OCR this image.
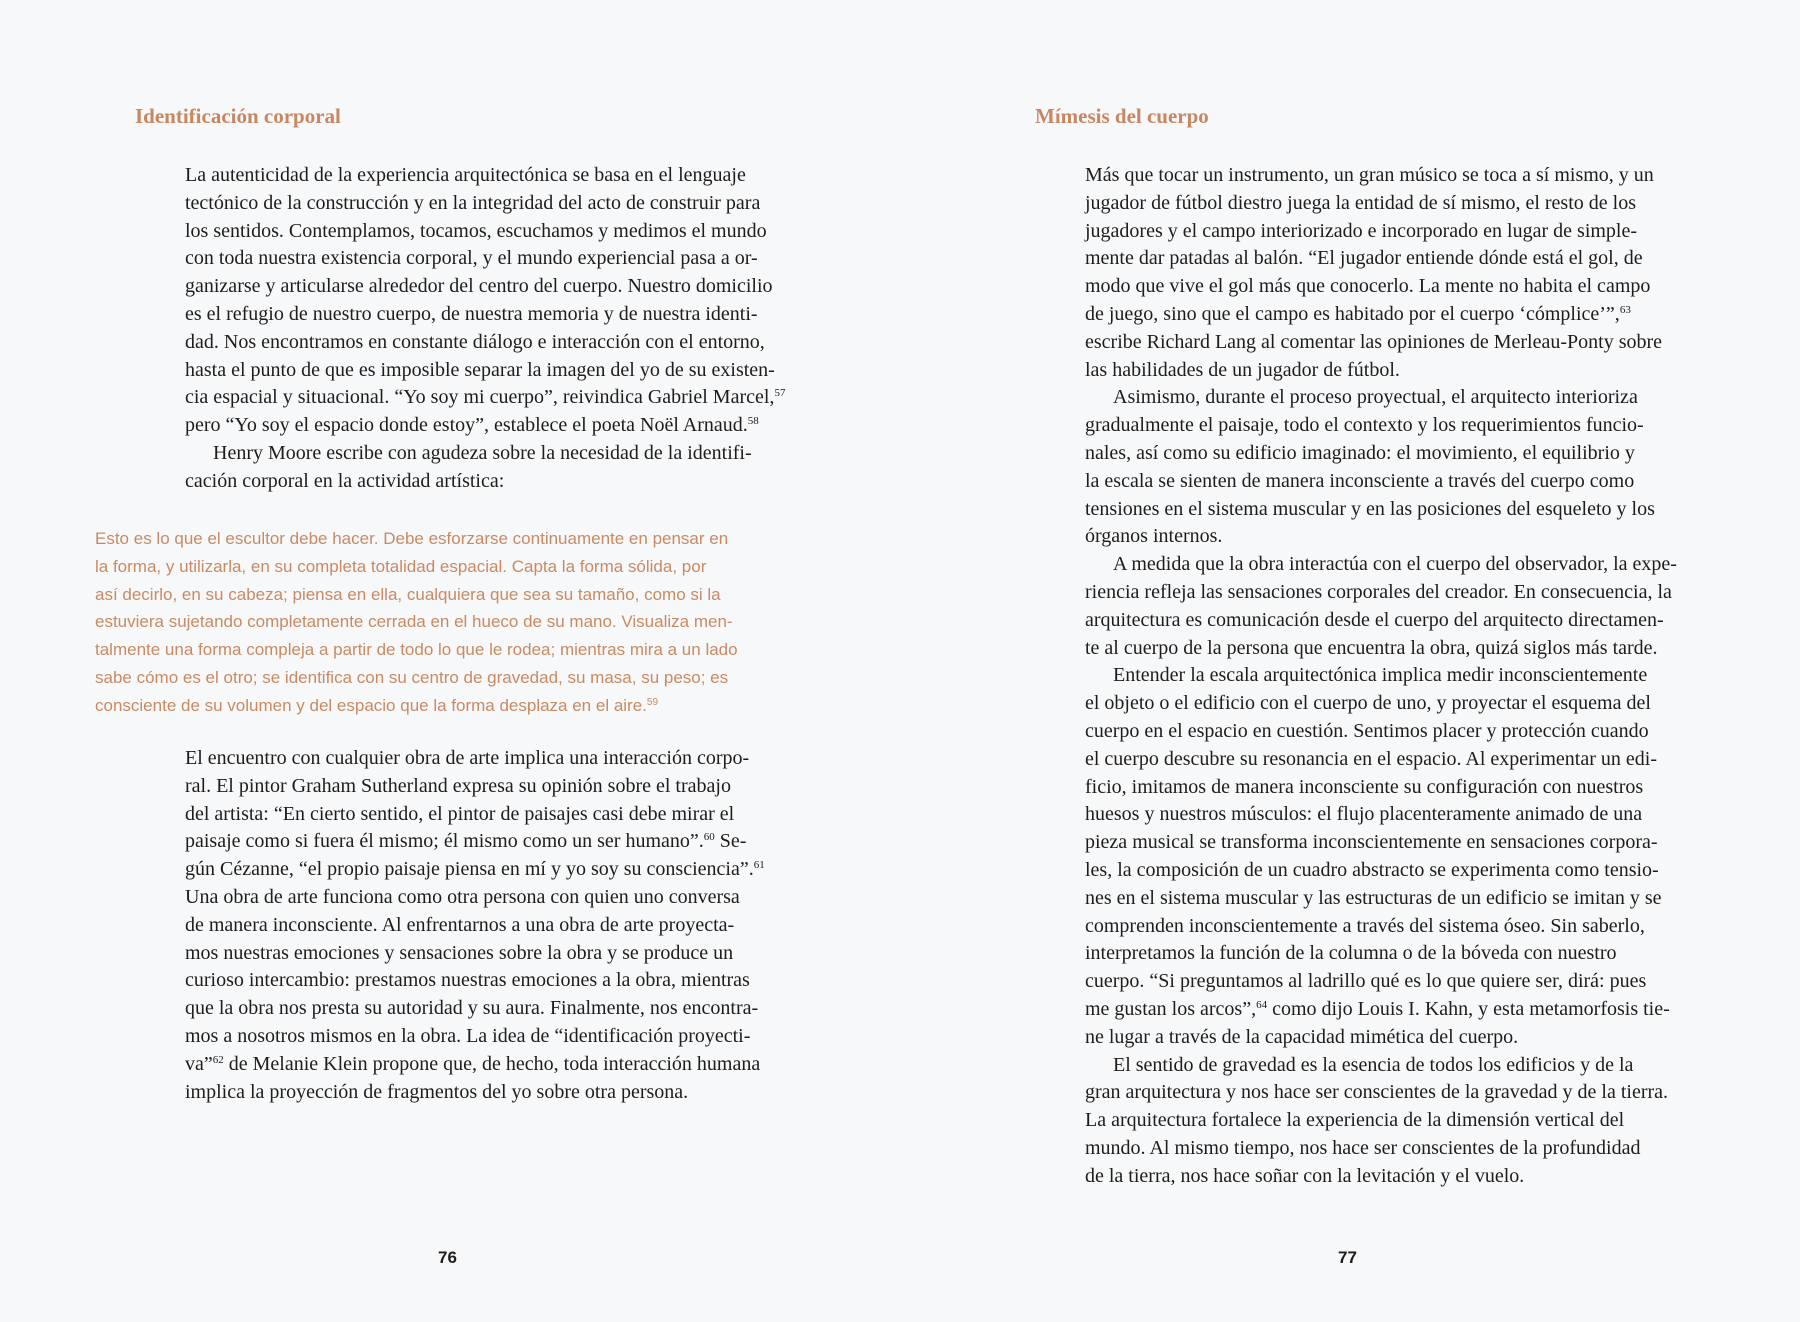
Identificación corporal

La autenticidad de la experiencia arquitectónica se basa en el lenguaje
tectónico de la construcción y en la integridad del acto de construir para
los sentidos. Contemplamos, tocamos, escuchamos y medimos el mundo
con toda nuestra existencia corporal, y el mundo experiencial pasa a or-
ganizarse y articularse alrededor del centro del cuerpo. Nuestro domicilio
es el refugio de nuestro cuerpo, de nuestra memoria y de nuestra identi-
dad. Nos encontramos en constante diálogo e interacción con el entorno,
hasta el punto de que es imposible separar la imagen del yo de su existen-
cia espacial y situacional. “Yo soy mi cuerpo”, reivindica Gabriel Marcel,$^{57}$
pero “Yo soy el espacio donde estoy”, establece el poeta Noël Arnaud.$^{58}$

Henry Moore escribe con agudeza sobre la necesidad de la identifi-
cación corporal en la actividad artística:

Esto es lo que el escultor debe hacer. Debe esforzarse continuamente en pensar en
la forma, y utilizarla, en su completa totalidad espacial. Capta la forma sólida, por
así decirlo, en su cabeza; piensa en ella, cualquiera que sea su tamaño, como si la
estuviera sujetando completamente cerrada en el hueco de su mano. Visualiza men-
talmente una forma compleja a partir de todo lo que le rodea; mientras mira a un lado
sabe cómo es el otro; se identifica con su centro de gravedad, su masa, su peso; es
consciente de su volumen y del espacio que la forma desplaza en el aire.$^{59}$

El encuentro con cualquier obra de arte implica una interacción corpo-
ral. El pintor Graham Sutherland expresa su opinión sobre el trabajo
del artista: “En cierto sentido, el pintor de paisajes casi debe mirar el
paisaje como si fuera él mismo; él mismo como un ser humano”.$^{60}$ Se-
gún Cézanne, “el propio paisaje piensa en mí y yo soy su consciencia”.$^{61}$
Una obra de arte funciona como otra persona con quien uno conversa
de manera inconsciente. Al enfrentarnos a una obra de arte proyecta-
mos nuestras emociones y sensaciones sobre la obra y se produce un
curioso intercambio: prestamos nuestras emociones a la obra, mientras
que la obra nos presta su autoridad y su aura. Finalmente, nos encontra-
mos a nosotros mismos en la obra. La idea de “identificación proyecti-
va”$^{62}$ de Melanie Klein propone que, de hecho, toda interacción humana
implica la proyección de fragmentos del yo sobre otra persona.

76
Mímesis del cuerpo

Más que tocar un instrumento, un gran músico se toca a sí mismo, y un
jugador de fútbol diestro juega la entidad de sí mismo, el resto de los
jugadores y el campo interiorizado e incorporado en lugar de simple-
mente dar patadas al balón. “El jugador entiende dónde está el gol, de
modo que vive el gol más que conocerlo. La mente no habita el campo
de juego, sino que el campo es habitado por el cuerpo ‘cómplice’”,$^{63}$
escribe Richard Lang al comentar las opiniones de Merleau-Ponty sobre
las habilidades de un jugador de fútbol.

Asimismo, durante el proceso proyectual, el arquitecto interioriza
gradualmente el paisaje, todo el contexto y los requerimientos funcio-
nales, así como su edificio imaginado: el movimiento, el equilibrio y
la escala se sienten de manera inconsciente a través del cuerpo como
tensiones en el sistema muscular y en las posiciones del esqueleto y los
órganos internos.

A medida que la obra interactúa con el cuerpo del observador, la expe-
riencia refleja las sensaciones corporales del creador. En consecuencia, la
arquitectura es comunicación desde el cuerpo del arquitecto directamen-
te al cuerpo de la persona que encuentra la obra, quizá siglos más tarde.

Entender la escala arquitectónica implica medir inconscientemente
el objeto o el edificio con el cuerpo de uno, y proyectar el esquema del
cuerpo en el espacio en cuestión. Sentimos placer y protección cuando
el cuerpo descubre su resonancia en el espacio. Al experimentar un edi-
ficio, imitamos de manera inconsciente su configuración con nuestros
huesos y nuestros músculos: el flujo placenteramente animado de una
pieza musical se transforma inconscientemente en sensaciones corpora-
les, la composición de un cuadro abstracto se experimenta como tensio-
nes en el sistema muscular y las estructuras de un edificio se imitan y se
comprenden inconscientemente a través del sistema óseo. Sin saberlo,
interpretamos la función de la columna o de la bóveda con nuestro
cuerpo. “Si preguntamos al ladrillo qué es lo que quiere ser, dirá: pues
me gustan los arcos”,$^{64}$ como dijo Louis I. Kahn, y esta metamorfosis tie-
ne lugar a través de la capacidad mimética del cuerpo.

El sentido de gravedad es la esencia de todos los edificios y de la
gran arquitectura y nos hace ser conscientes de la gravedad y de la tierra.
La arquitectura fortalece la experiencia de la dimensión vertical del
mundo. Al mismo tiempo, nos hace ser conscientes de la profundidad
de la tierra, nos hace soñar con la levitación y el vuelo.

77
